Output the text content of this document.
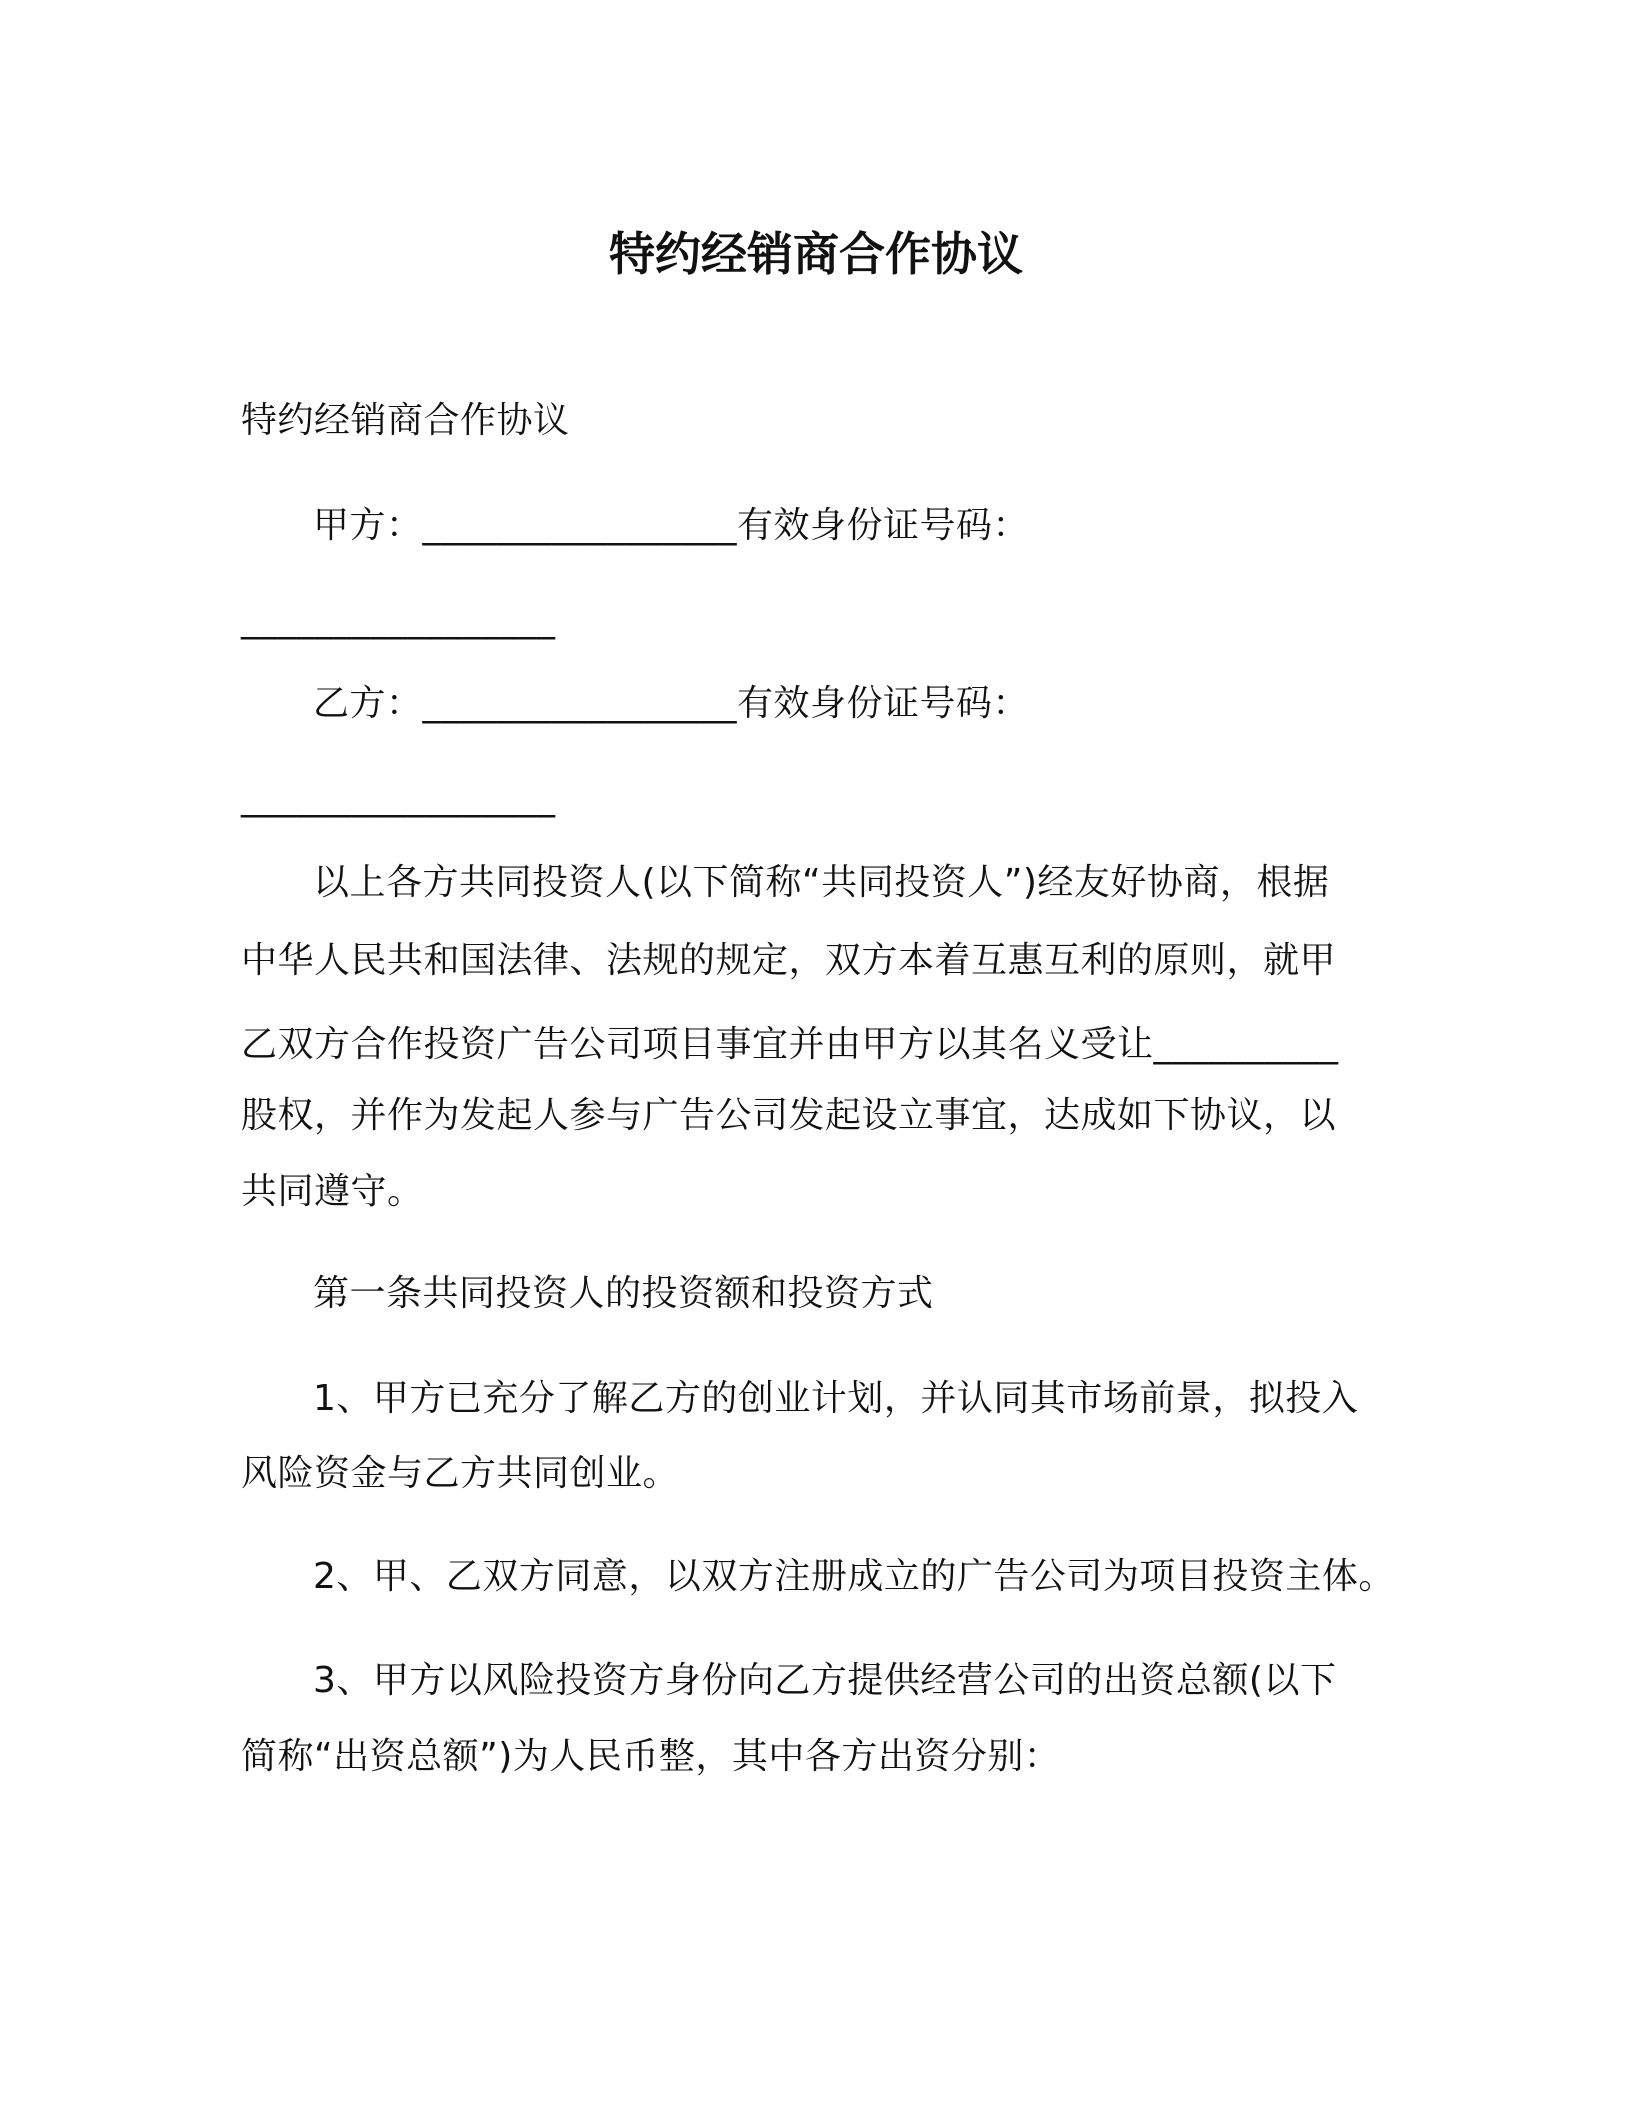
特约经销商合作协议
特约经销商合作协议
甲方：_________________有效身份证号码：
_________________
乙方：_________________有效身份证号码：
_________________
以上各方共同投资人(以下简称“共同投资人”)经友好协商，根据
中华人民共和国法律、法规的规定，双方本着互惠互利的原则，就甲
乙双方合作投资广告公司项目事宜并由甲方以其名义受让__________
股权，并作为发起人参与广告公司发起设立事宜，达成如下协议，以
共同遵守。
第一条共同投资人的投资额和投资方式
1、甲方已充分了解乙方的创业计划，并认同其市场前景，拟投入
风险资金与乙方共同创业。
2、甲、乙双方同意，以双方注册成立的广告公司为项目投资主体。
3、甲方以风险投资方身份向乙方提供经营公司的出资总额(以下
简称“出资总额”)为人民币整，其中各方出资分别：
